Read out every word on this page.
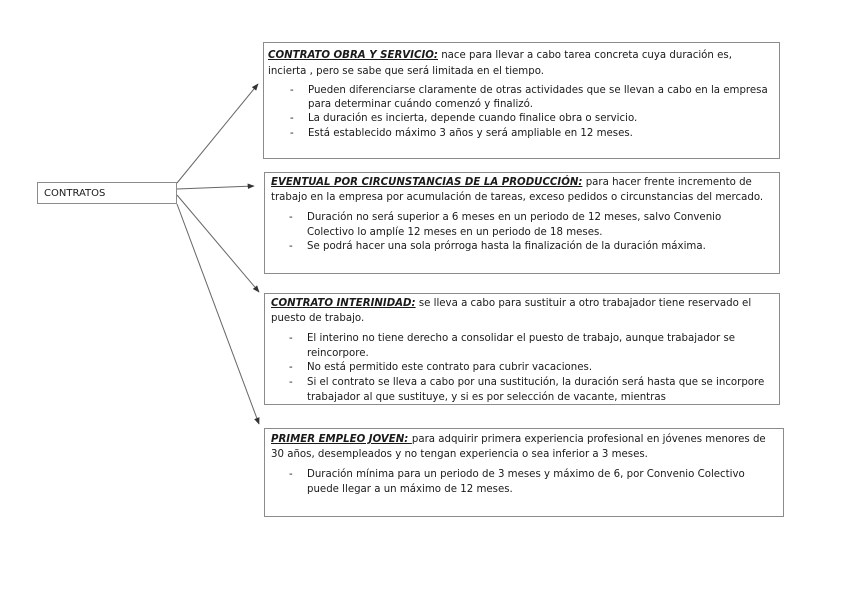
CONTRATOS

CONTRATO OBRA Y SERVICIO: nace para llevar a cabo tarea concreta cuya duración es, incierta , pero se sabe que será limitada en el tiempo.

- Pueden diferenciarse claramente de otras actividades que se llevan a cabo en la empresa para determinar cuándo comenzó y finalizó.
- La duración es incierta, depende cuando finalice obra o servicio.
- Está establecido máximo 3 años y será ampliable en 12 meses.

EVENTUAL POR CIRCUNSTANCIAS DE LA PRODUCCIÓN: para hacer frente incremento de trabajo en la empresa por acumulación de tareas, exceso pedidos o circunstancias del mercado.

- Duración no será superior a 6 meses en un periodo de 12 meses, salvo Convenio Colectivo lo amplíe 12 meses en un periodo de 18 meses.
- Se podrá hacer una sola prórroga hasta la finalización de la duración máxima.

CONTRATO INTERINIDAD: se lleva a cabo para sustituir a otro trabajador tiene reservado el puesto de trabajo.

- El interino no tiene derecho a consolidar el puesto de trabajo, aunque trabajador se reincorpore.
- No está permitido este contrato para cubrir vacaciones.
- Si el contrato se lleva a cabo por una sustitución, la duración será hasta que se incorpore trabajador al que sustituye, y si es por selección de vacante, mientras

PRIMER EMPLEO JOVEN: para adquirir primera experiencia profesional en jóvenes menores de 30 años, desempleados y no tengan experiencia o sea inferior a 3 meses.

- Duración mínima para un periodo de 3 meses y máximo de 6, por Convenio Colectivo puede llegar a un máximo de 12 meses.
